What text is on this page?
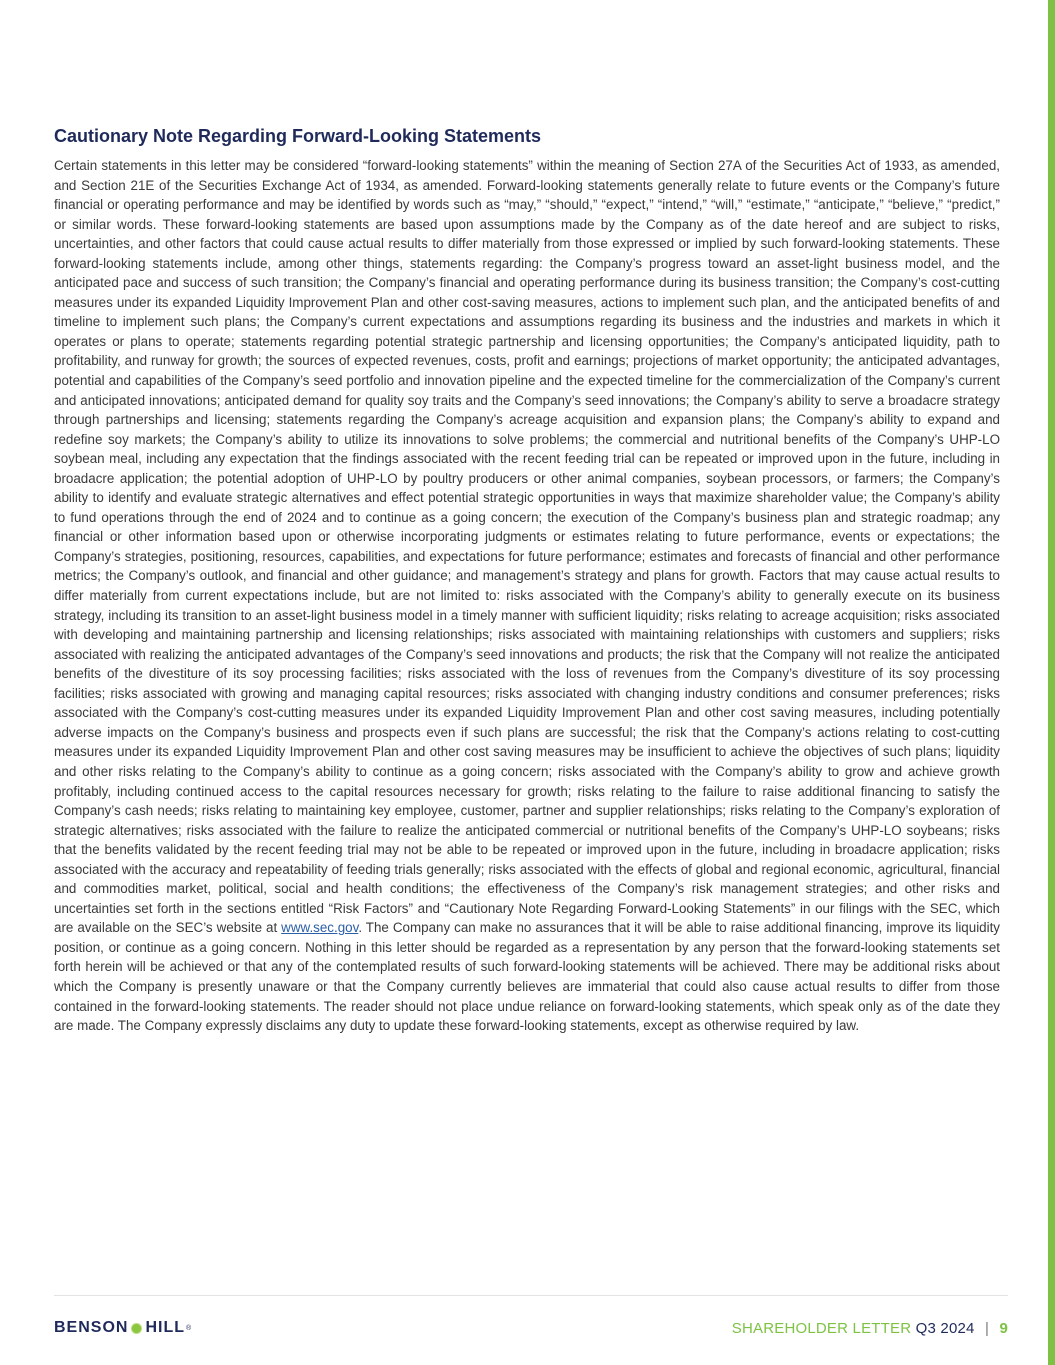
Cautionary Note Regarding Forward-Looking Statements

Certain statements in this letter may be considered “forward-looking statements” within the meaning of Section 27A of the Securities Act of 1933, as amended, and Section 21E of the Securities Exchange Act of 1934, as amended. Forward-looking statements generally relate to future events or the Company’s future financial or operating performance and may be identified by words such as “may,” “should,” “expect,” “intend,” “will,” “estimate,” “anticipate,” “believe,” “predict,” or similar words. These forward-looking statements are based upon assumptions made by the Company as of the date hereof and are subject to risks, uncertainties, and other factors that could cause actual results to differ materially from those expressed or implied by such forward-looking statements. These forward-looking statements include, among other things, statements regarding: the Company’s progress toward an asset-light business model, and the anticipated pace and success of such transition; the Company’s financial and operating performance during its business transition; the Company’s cost-cutting measures under its expanded Liquidity Improvement Plan and other cost-saving measures, actions to implement such plan, and the anticipated benefits of and timeline to implement such plans; the Company’s current expectations and assumptions regarding its business and the industries and markets in which it operates or plans to operate; statements regarding potential strategic partnership and licensing opportunities; the Company’s anticipated liquidity, path to profitability, and runway for growth; the sources of expected revenues, costs, profit and earnings; projections of market opportunity; the anticipated advantages, potential and capabilities of the Company’s seed portfolio and innovation pipeline and the expected timeline for the commercialization of the Company’s current and anticipated innovations; anticipated demand for quality soy traits and the Company’s seed innovations; the Company’s ability to serve a broadacre strategy through partnerships and licensing; statements regarding the Company’s acreage acquisition and expansion plans; the Company’s ability to expand and redefine soy markets; the Company’s ability to utilize its innovations to solve problems; the commercial and nutritional benefits of the Company’s UHP-LO soybean meal, including any expectation that the findings associated with the recent feeding trial can be repeated or improved upon in the future, including in broadacre application; the potential adoption of UHP-LO by poultry producers or other animal companies, soybean processors, or farmers; the Company’s ability to identify and evaluate strategic alternatives and effect potential strategic opportunities in ways that maximize shareholder value; the Company’s ability to fund operations through the end of 2024 and to continue as a going concern; the execution of the Company’s business plan and strategic roadmap; any financial or other information based upon or otherwise incorporating judgments or estimates relating to future performance, events or expectations; the Company’s strategies, positioning, resources, capabilities, and expectations for future performance; estimates and forecasts of financial and other performance metrics; the Company’s outlook, and financial and other guidance; and management’s strategy and plans for growth. Factors that may cause actual results to differ materially from current expectations include, but are not limited to: risks associated with the Company’s ability to generally execute on its business strategy, including its transition to an asset-light business model in a timely manner with sufficient liquidity; risks relating to acreage acquisition; risks associated with developing and maintaining partnership and licensing relationships; risks associated with maintaining relationships with customers and suppliers; risks associated with realizing the anticipated advantages of the Company’s seed innovations and products; the risk that the Company will not realize the anticipated benefits of the divestiture of its soy processing facilities; risks associated with the loss of revenues from the Company’s divestiture of its soy processing facilities; risks associated with growing and managing capital resources; risks associated with changing industry conditions and consumer preferences; risks associated with the Company’s cost-cutting measures under its expanded Liquidity Improvement Plan and other cost saving measures, including potentially adverse impacts on the Company’s business and prospects even if such plans are successful; the risk that the Company’s actions relating to cost-cutting measures under its expanded Liquidity Improvement Plan and other cost saving measures may be insufficient to achieve the objectives of such plans; liquidity and other risks relating to the Company’s ability to continue as a going concern; risks associated with the Company’s ability to grow and achieve growth profitably, including continued access to the capital resources necessary for growth; risks relating to the failure to raise additional financing to satisfy the Company’s cash needs; risks relating to maintaining key employee, customer, partner and supplier relationships; risks relating to the Company’s exploration of strategic alternatives; risks associated with the failure to realize the anticipated commercial or nutritional benefits of the Company’s UHP-LO soybeans; risks that the benefits validated by the recent feeding trial may not be able to be repeated or improved upon in the future, including in broadacre application; risks associated with the accuracy and repeatability of feeding trials generally; risks associated with the effects of global and regional economic, agricultural, financial and commodities market, political, social and health conditions; the effectiveness of the Company’s risk management strategies; and other risks and uncertainties set forth in the sections entitled “Risk Factors” and “Cautionary Note Regarding Forward-Looking Statements” in our filings with the SEC, which are available on the SEC’s website at www.sec.gov. The Company can make no assurances that it will be able to raise additional financing, improve its liquidity position, or continue as a going concern. Nothing in this letter should be regarded as a representation by any person that the forward-looking statements set forth herein will be achieved or that any of the contemplated results of such forward-looking statements will be achieved. There may be additional risks about which the Company is presently unaware or that the Company currently believes are immaterial that could also cause actual results to differ from those contained in the forward-looking statements. The reader should not place undue reliance on forward-looking statements, which speak only as of the date they are made. The Company expressly disclaims any duty to update these forward-looking statements, except as otherwise required by law.

BENSON HILL ®	SHAREHOLDER LETTER Q3 2024 | 9
